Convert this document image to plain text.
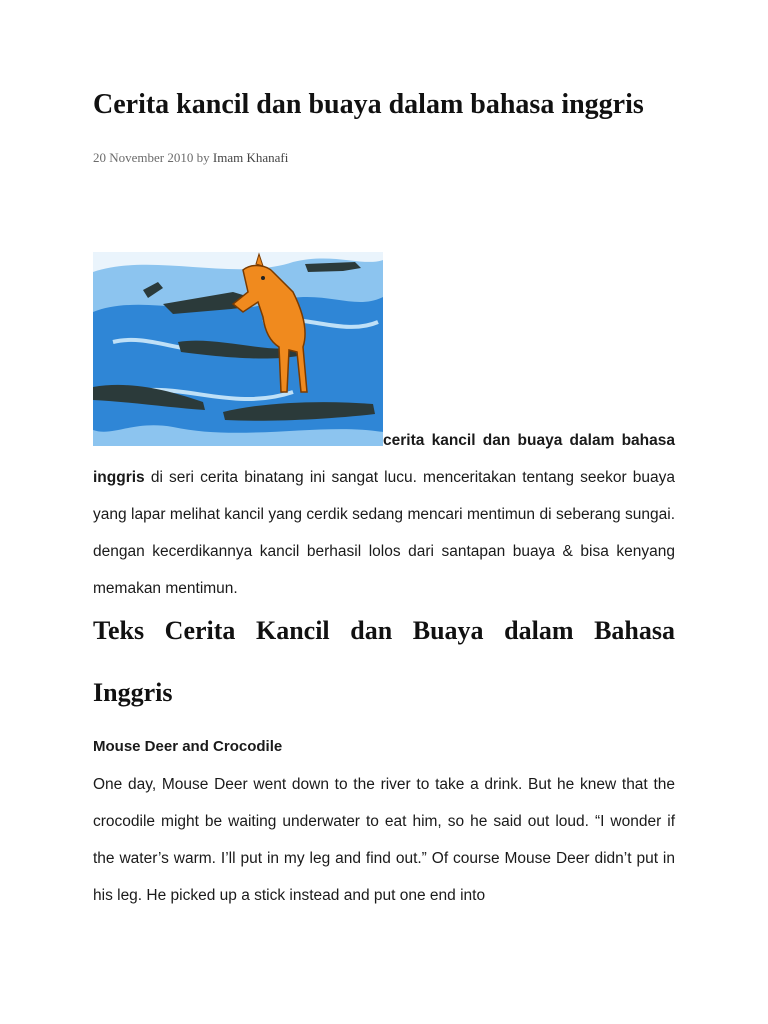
Cerita kancil dan buaya dalam bahasa inggris
20 November 2010 by Imam Khanafi
cerita kancil dan buaya dalam bahasa inggris di seri cerita binatang ini sangat lucu. menceritakan tentang seekor buaya yang lapar melihat kancil yang cerdik sedang mencari mentimun di seberang sungai. dengan kecerdikannya kancil berhasil lolos dari santapan buaya & bisa kenyang memakan mentimun.
Teks Cerita Kancil dan Buaya dalam Bahasa Inggris
Mouse Deer and Crocodile
One day, Mouse Deer went down to the river to take a drink. But he knew that the crocodile might be waiting underwater to eat him, so he said out loud. “I wonder if the water’s warm. I’ll put in my leg and find out.” Of course Mouse Deer didn’t put in his leg. He picked up a stick instead and put one end into
